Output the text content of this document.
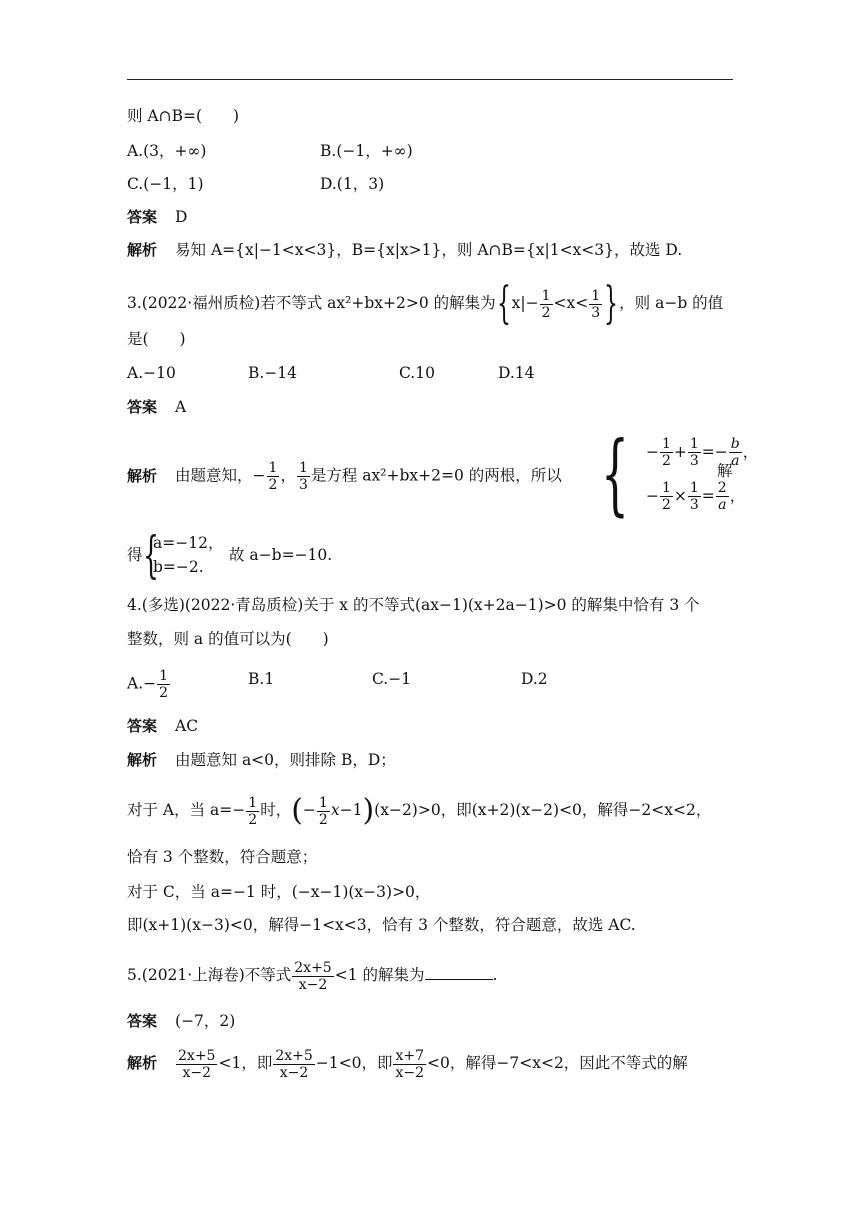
则 A∩B=(　　)
A.(3，+∞)	B.(−1，+∞)
C.(−1，1)	D.(1，3)
答案 D
解析 易知 A={x|−1<x<3}，B={x|x>1}，则 A∩B={x|1<x<3}，故选 D.
3.(2022·福州质检)若不等式 ax²+bx+2>0 的解集为{$x|- \frac{1}{2} <x< \frac{1}{3}$ }，则 a−b 的值
是(　　)
A.−10	B.−14	C.10	D.14
答案 A
解析 由题意知，− $\frac{1}{2}$ ， $\frac{1}{3}$ 是方程 ax²+bx+2=0 的两根，所以 { − $\frac{1}{2} + \frac{1}{3} =- \frac{b}{a}$ ，
− $\frac{1}{2} \times \frac{1}{3} = \frac{2}{a}$ ，
解
得 {
a=−12，
b=−2.
故 a−b=−10.
4.(多选)(2022·青岛质检)关于 x 的不等式(ax−1)(x+2a−1)>0 的解集中恰有 3 个
整数，则 a 的值可以为(　　)
$A.- \frac{1}{2}$	B.1	C.−1	D.2
答案 AC
解析 由题意知 a<0，则排除 B，D；
对于 A，当 $a=- \frac{1}{2}$ 时，(− $\frac{1}{2} x-1)(x-2)>0$，即(x+2)(x−2)<0，解得−2<x<2，
恰有 3 个整数，符合题意；
对于 C，当 a=−1 时，(−x−1)(x−3)>0，
即(x+1)(x−3)<0，解得−1<x<3，恰有 3 个整数，符合题意，故选 AC.
5.(2021·上海卷)不等式 $\frac{2x+5}{x-2} <1$ 的解集为	.
答案 (−7，2)
解析 $\frac{2x+5}{x-2} <1$，即 $\frac{2x+5}{x-2} -1<0$，即 $\frac{x+7}{x-2} <0$，解得−7<x<2，因此不等式的解
